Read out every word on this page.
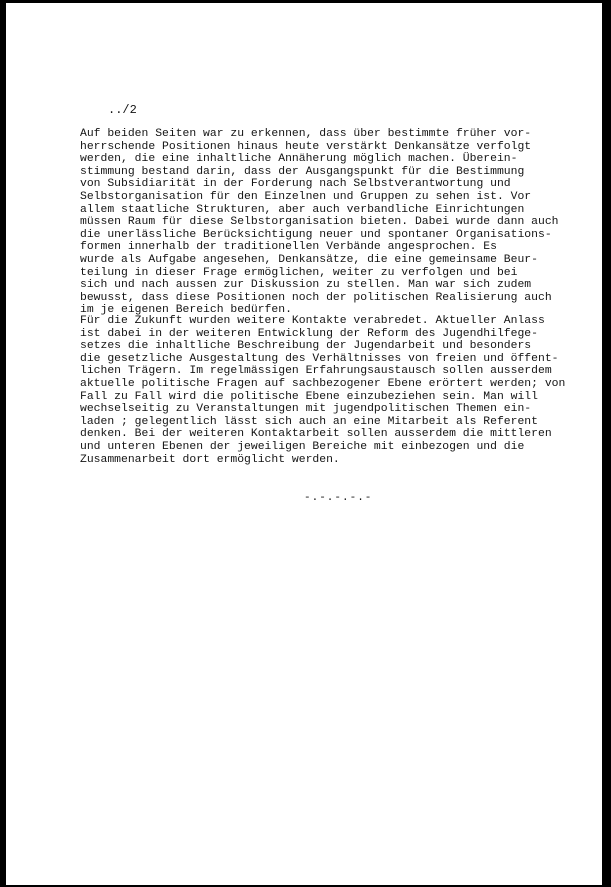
../2
Auf beiden Seiten war zu erkennen, dass über bestimmte früher vor-
herrschende Positionen hinaus heute verstärkt Denkansätze verfolgt
werden, die eine inhaltliche Annäherung möglich machen. Überein-
stimmung bestand darin, dass der Ausgangspunkt für die Bestimmung
von Subsidiarität in der Forderung nach Selbstverantwortung und
Selbstorganisation für den Einzelnen und Gruppen zu sehen ist. Vor
allem staatliche Strukturen, aber auch verbandliche Einrichtungen
müssen Raum für diese Selbstorganisation bieten. Dabei wurde dann auch
die unerlässliche Berücksichtigung neuer und spontaner Organisations-
formen innerhalb der traditionellen Verbände angesprochen. Es
wurde als Aufgabe angesehen, Denkansätze, die eine gemeinsame Beur-
teilung in dieser Frage ermöglichen, weiter zu verfolgen und bei
sich und nach aussen zur Diskussion zu stellen. Man war sich zudem
bewusst, dass diese Positionen noch der politischen Realisierung auch
im je eigenen Bereich bedürfen.
Für die Zukunft wurden weitere Kontakte verabredet. Aktueller Anlass
ist dabei in der weiteren Entwicklung der Reform des Jugendhilfege-
setzes die inhaltliche Beschreibung der Jugendarbeit und besonders
die gesetzliche Ausgestaltung des Verhältnisses von freien und öffent-
lichen Trägern. Im regelmässigen Erfahrungsaustausch sollen ausserdem
aktuelle politische Fragen auf sachbezogener Ebene erörtert werden; von
Fall zu Fall wird die politische Ebene einzubeziehen sein. Man will
wechselseitig zu Veranstaltungen mit jugendpolitischen Themen ein-
laden ; gelegentlich lässt sich auch an eine Mitarbeit als Referent
denken. Bei der weiteren Kontaktarbeit sollen ausserdem die mittleren
und unteren Ebenen der jeweiligen Bereiche mit einbezogen und die
Zusammenarbeit dort ermöglicht werden.
-.-.-.-.-
